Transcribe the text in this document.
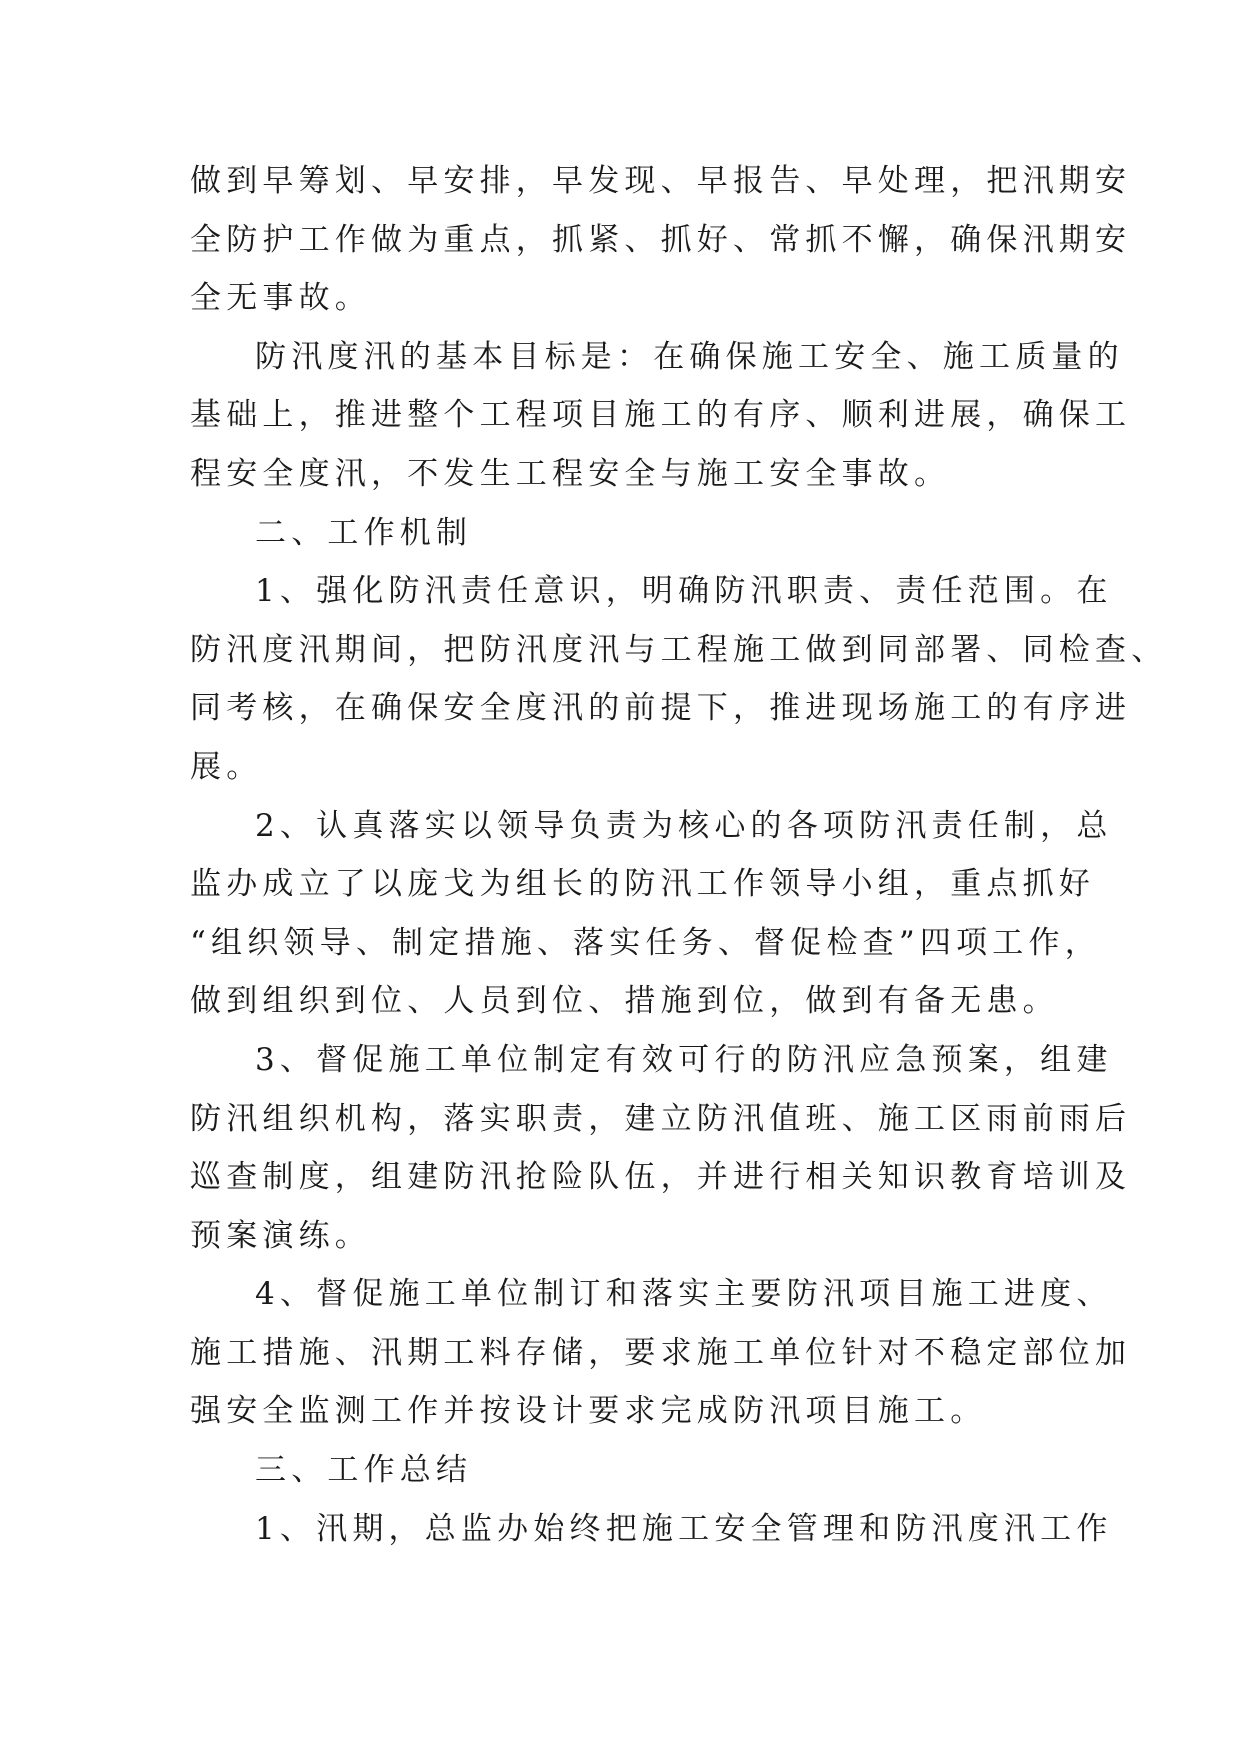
做到早筹划、早安排，早发现、早报告、早处理，把汛期安
全防护工作做为重点，抓紧、抓好、常抓不懈，确保汛期安
全无事故。
防汛度汛的基本目标是：在确保施工安全、施工质量的
基础上，推进整个工程项目施工的有序、顺利进展，确保工
程安全度汛，不发生工程安全与施工安全事故。
二、工作机制
1、强化防汛责任意识，明确防汛职责、责任范围。在
防汛度汛期间，把防汛度汛与工程施工做到同部署、同检查、
同考核，在确保安全度汛的前提下，推进现场施工的有序进
展。
2、认真落实以领导负责为核心的各项防汛责任制，总
监办成立了以庞戈为组长的防汛工作领导小组，重点抓好
“组织领导、制定措施、落实任务、督促检查”四项工作，
做到组织到位、人员到位、措施到位，做到有备无患。
3、督促施工单位制定有效可行的防汛应急预案，组建
防汛组织机构，落实职责，建立防汛值班、施工区雨前雨后
巡查制度，组建防汛抢险队伍，并进行相关知识教育培训及
预案演练。
4、督促施工单位制订和落实主要防汛项目施工进度、
施工措施、汛期工料存储，要求施工单位针对不稳定部位加
强安全监测工作并按设计要求完成防汛项目施工。
三、工作总结
1、汛期，总监办始终把施工安全管理和防汛度汛工作
